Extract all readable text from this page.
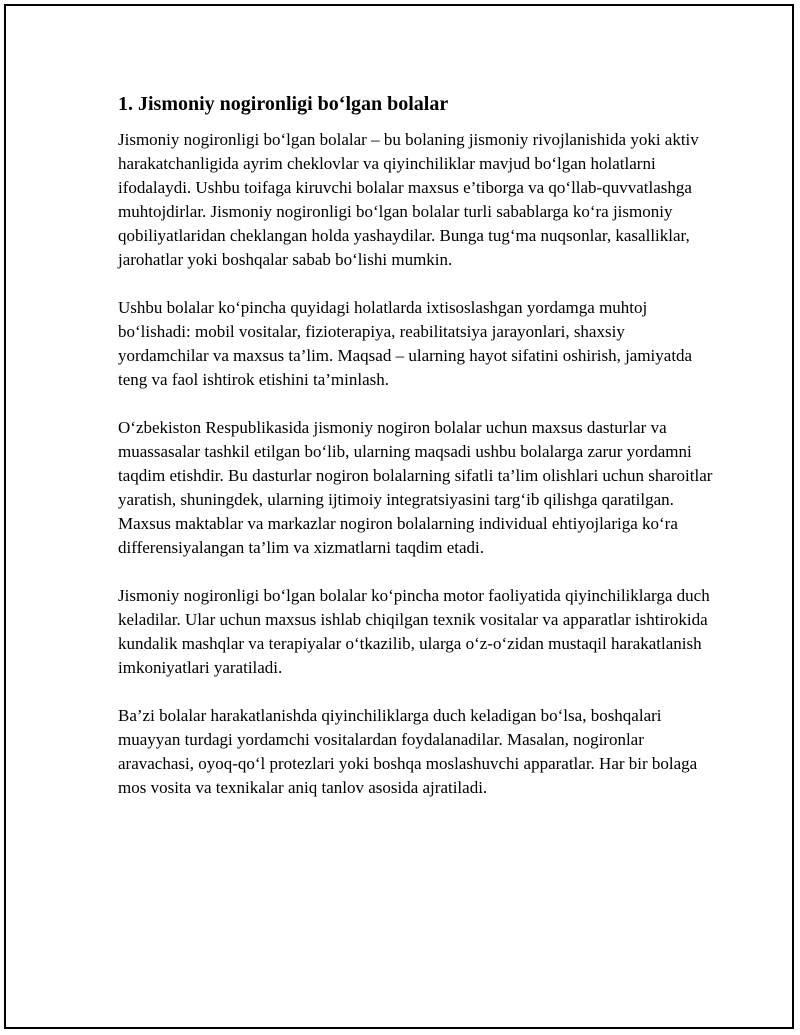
1. Jismoniy nogironligi bo‘lgan bolalar

Jismoniy nogironligi bo‘lgan bolalar – bu bolaning jismoniy rivojlanishida yoki aktiv harakatchanligida ayrim cheklovlar va qiyinchiliklar mavjud bo‘lgan holatlarni ifodalaydi. Ushbu toifaga kiruvchi bolalar maxsus e’tiborga va qo‘llab-quvvatlashga muhtojdirlar. Jismoniy nogironligi bo‘lgan bolalar turli sabablarga ko‘ra jismoniy qobiliyatlaridan cheklangan holda yashaydilar. Bunga tug‘ma nuqsonlar, kasalliklar, jarohatlar yoki boshqalar sabab bo‘lishi mumkin.

Ushbu bolalar ko‘pincha quyidagi holatlarda ixtisoslashgan yordamga muhtoj bo‘lishadi: mobil vositalar, fizioterapiya, reabilitatsiya jarayonlari, shaxsiy yordamchilar va maxsus ta’lim. Maqsad – ularning hayot sifatini oshirish, jamiyatda teng va faol ishtirok etishini ta’minlash.

O‘zbekiston Respublikasida jismoniy nogiron bolalar uchun maxsus dasturlar va muassasalar tashkil etilgan bo‘lib, ularning maqsadi ushbu bolalarga zarur yordamni taqdim etishdir. Bu dasturlar nogiron bolalarning sifatli ta’lim olishlari uchun sharoitlar yaratish, shuningdek, ularning ijtimoiy integratsiyasini targ‘ib qilishga qaratilgan. Maxsus maktablar va markazlar nogiron bolalarning individual ehtiyojlariga ko‘ra differensiyalangan ta’lim va xizmatlarni taqdim etadi.

Jismoniy nogironligi bo‘lgan bolalar ko‘pincha motor faoliyatida qiyinchiliklarga duch keladilar. Ular uchun maxsus ishlab chiqilgan texnik vositalar va apparatlar ishtirokida kundalik mashqlar va terapiyalar o‘tkazilib, ularga o‘z-o‘zidan mustaqil harakatlanish imkoniyatlari yaratiladi.

Ba’zi bolalar harakatlanishda qiyinchiliklarga duch keladigan bo‘lsa, boshqalari muayyan turdagi yordamchi vositalardan foydalanadilar. Masalan, nogironlar aravachasi, oyoq-qo‘l protezlari yoki boshqa moslashuvchi apparatlar. Har bir bolaga mos vosita va texnikalar aniq tanlov asosida ajratiladi.
